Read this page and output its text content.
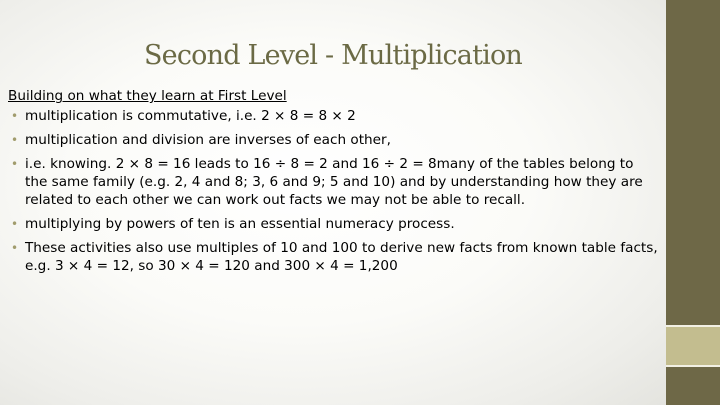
Second Level - Multiplication
Building on what they learn at First Level
• multiplication is commutative, i.e. 2 × 8 = 8 × 2
• multiplication and division are inverses of each other,
• i.e. knowing. 2 × 8 = 16 leads to 16 ÷ 8 = 2 and 16 ÷ 2 = 8many of the tables belong to the same family (e.g. 2, 4 and 8; 3, 6 and 9; 5 and 10) and by understanding how they are related to each other we can work out facts we may not be able to recall.
• multiplying by powers of ten is an essential numeracy process.
• These activities also use multiples of 10 and 100 to derive new facts from known table facts, e.g. 3 × 4 = 12, so 30 × 4 = 120 and 300 × 4 = 1,200
